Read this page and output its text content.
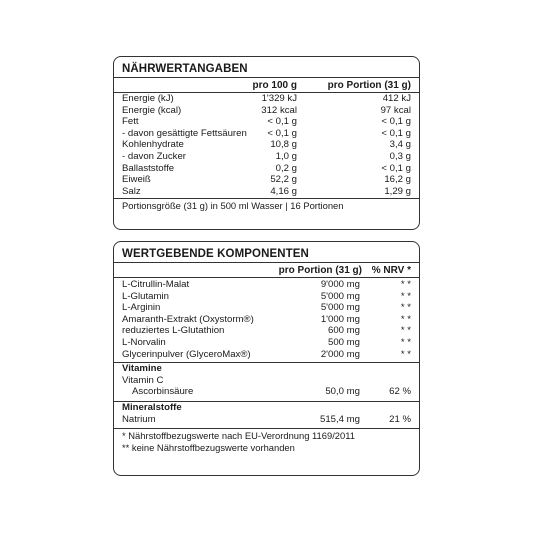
NÄHRWERTANGABEN
pro 100 g	pro Portion (31 g)
Energie (kJ)	1'329 kJ	412 kJ
Energie (kcal)	312 kcal	97 kcal
Fett	< 0,1 g	< 0,1 g
- davon gesättigte Fettsäuren < 0,1 g	< 0,1 g
Kohlenhydrate	10,8 g	3,4 g
- davon Zucker	1,0 g	0,3 g
Ballaststoffe	0,2 g	< 0,1 g
Eiweiß	52,2 g	16,2 g
Salz	4,16 g	1,29 g
Portionsgröße (31 g) in 500 ml Wasser | 16 Portionen
WERTGEBENDE KOMPONENTEN
pro Portion (31 g) % NRV *
L-Citrullin-Malat	9'000 mg	* *
L-Glutamin	5'000 mg	* *
L-Arginin	5'000 mg	* *
Amaranth-Extrakt (Oxystorm®)	1'000 mg	* *
reduziertes L-Glutathion	600 mg	* *
L-Norvalin	500 mg	* *
Glycerinpulver (GlyceroMax®)	2'000 mg	* *
Vitamine
Vitamin C
Ascorbinsäure	50,0 mg	62 %
Mineralstoffe
Natrium	515,4 mg	21 %
* Nährstoffbezugswerte nach EU-Verordnung 1169/2011
** keine Nährstoffbezugswerte vorhanden
